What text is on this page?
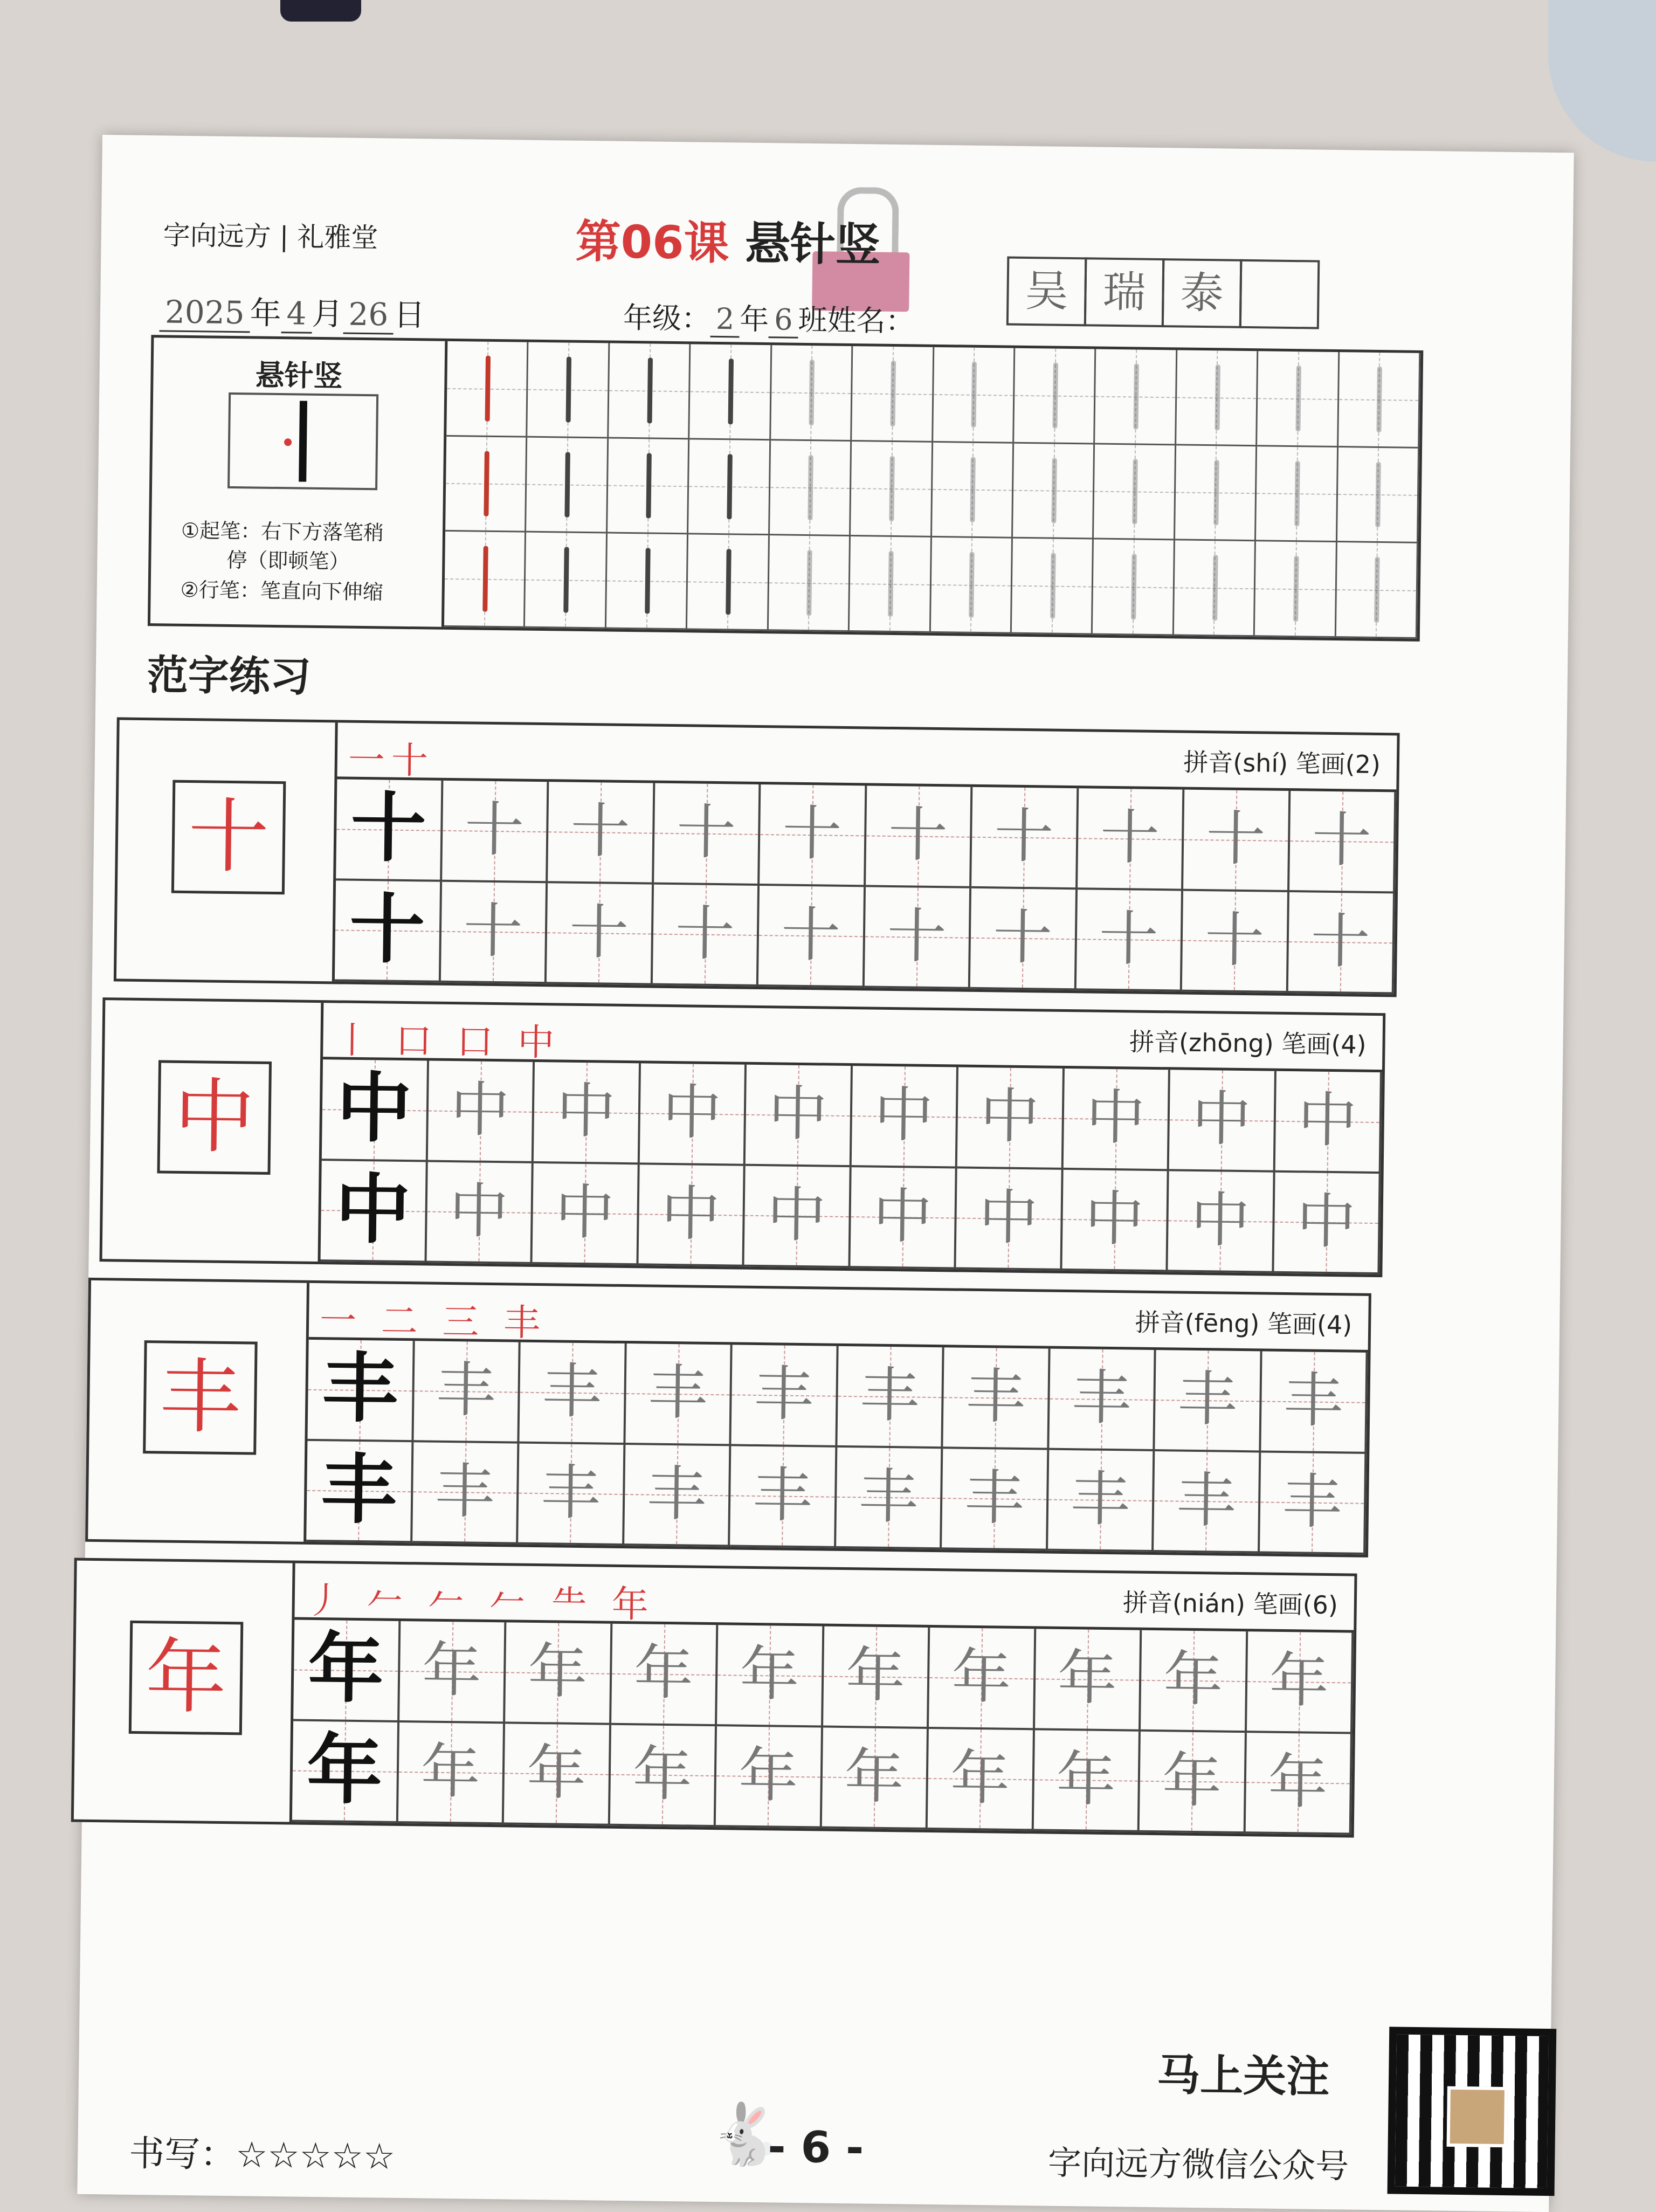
字向远方 | 礼雅堂	第06课 悬针竖
2025 年 4 月 26 日	年级： 2 年 6 班姓名：
吴 瑞 泰
悬针竖
①起笔：右下方落笔稍
停（即顿笔）
②行笔：笔直向下伸缩
范字练习
十
一十	拼音(shí) 笔画(2)
十 十 十 十 十 十 十 十 十 十
十 十 十 十 十 十 十 十 十 十
中
丨 口 口 中	拼音(zhōng) 笔画(4)
中 中 中 中 中 中 中 中 中 中
中 中 中 中 中 中 中 中 中 中
丰
一 二 三 丰	拼音(fēng) 笔画(4)
丰 丰 丰 丰 丰 丰 丰 丰 丰 丰
丰 丰 丰 丰 丰 丰 丰 丰 丰 丰
年
丿 𠂉 𠂉 𠂉 ⺧ 年	拼音(nián) 笔画(6)
年 年 年 年 年 年 年 年 年 年
年 年 年 年 年 年 年 年 年 年
书写：☆☆☆☆☆	🐇
- 6 -
马上关注
字向远方微信公众号
